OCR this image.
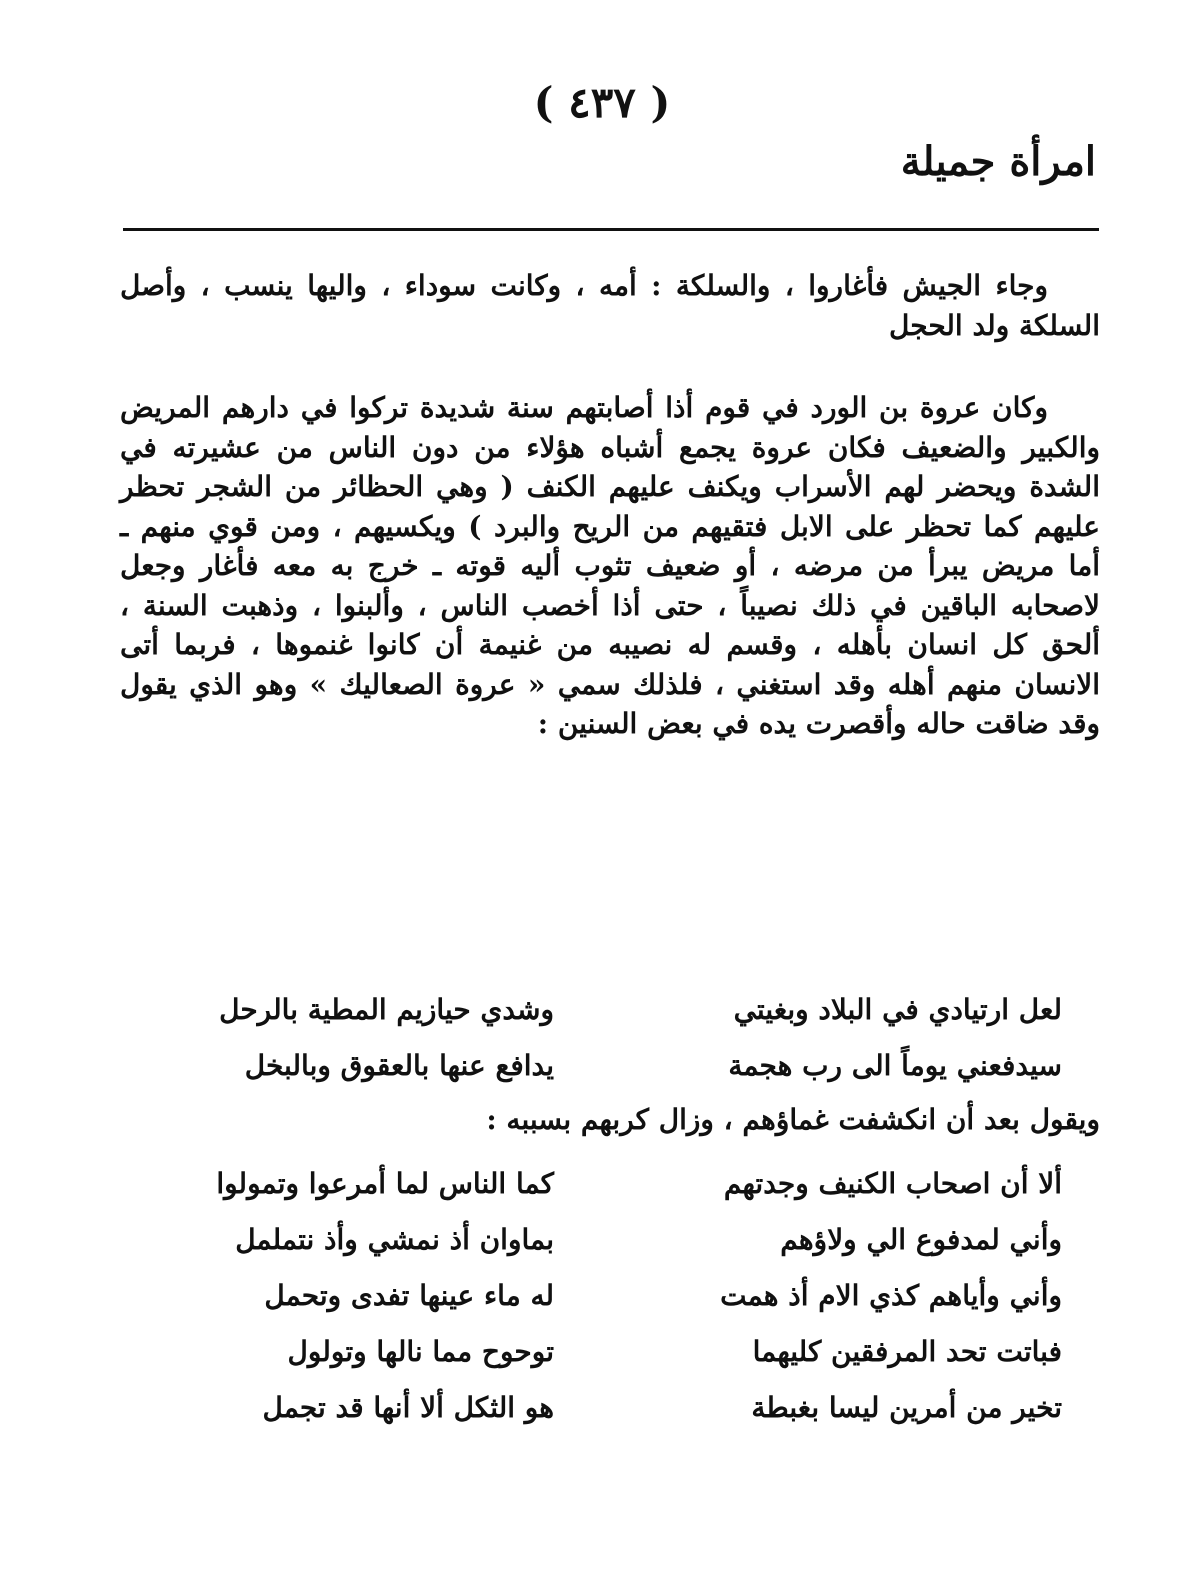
( ٤٣٧ )
امرأة جميلة

وجاء الجيش فأغاروا ، والسلكة : أمه ، وكانت سوداء ، واليها ينسب ، وأصل السلكة ولد الحجل

وكان عروة بن الورد في قوم أذا أصابتهم سنة شديدة تركوا في دارهم المريض والكبير والضعيف فكان عروة يجمع أشباه هؤلاء من دون الناس من عشيرته في الشدة ويحضر لهم الأسراب ويكنف عليهم الكنف ( وهي الحظائر من الشجر تحظر عليهم كما تحظر على الابل فتقيهم من الريح والبرد ) ويكسيهم ، ومن قوي منهم ـ أما مريض يبرأ من مرضه ، أو ضعيف تثوب أليه قوته ـ خرج به معه فأغار وجعل لاصحابه الباقين في ذلك نصيباً ، حتى أذا أخصب الناس ، وألبنوا ، وذهبت السنة ، ألحق كل انسان بأهله ، وقسم له نصيبه من غنيمة أن كانوا غنموها ، فربما أتى الانسان منهم أهله وقد استغني ، فلذلك سمي « عروة الصعاليك » وهو الذي يقول وقد ضاقت حاله وأقصرت يده في بعض السنين :

لعل ارتيادي في البلاد وبغيتي
وشدي حيازيم المطية بالرحل
سيدفعني يوماً الى رب هجمة
يدافع عنها بالعقوق وبالبخل

ويقول بعد أن انكشفت غماؤهم ، وزال كربهم بسببه :

ألا أن اصحاب الكنيف وجدتهم
كما الناس لما أمرعوا وتمولوا
وأني لمدفوع الي ولاؤهم
بماوان أذ نمشي وأذ نتململ
وأني وأياهم كذي الام أذ همت
له ماء عينها تفدى وتحمل
فباتت تحد المرفقين كليهما
توحوح مما نالها وتولول
تخير من أمرين ليسا بغبطة
هو الثكل ألا أنها قد تجمل
